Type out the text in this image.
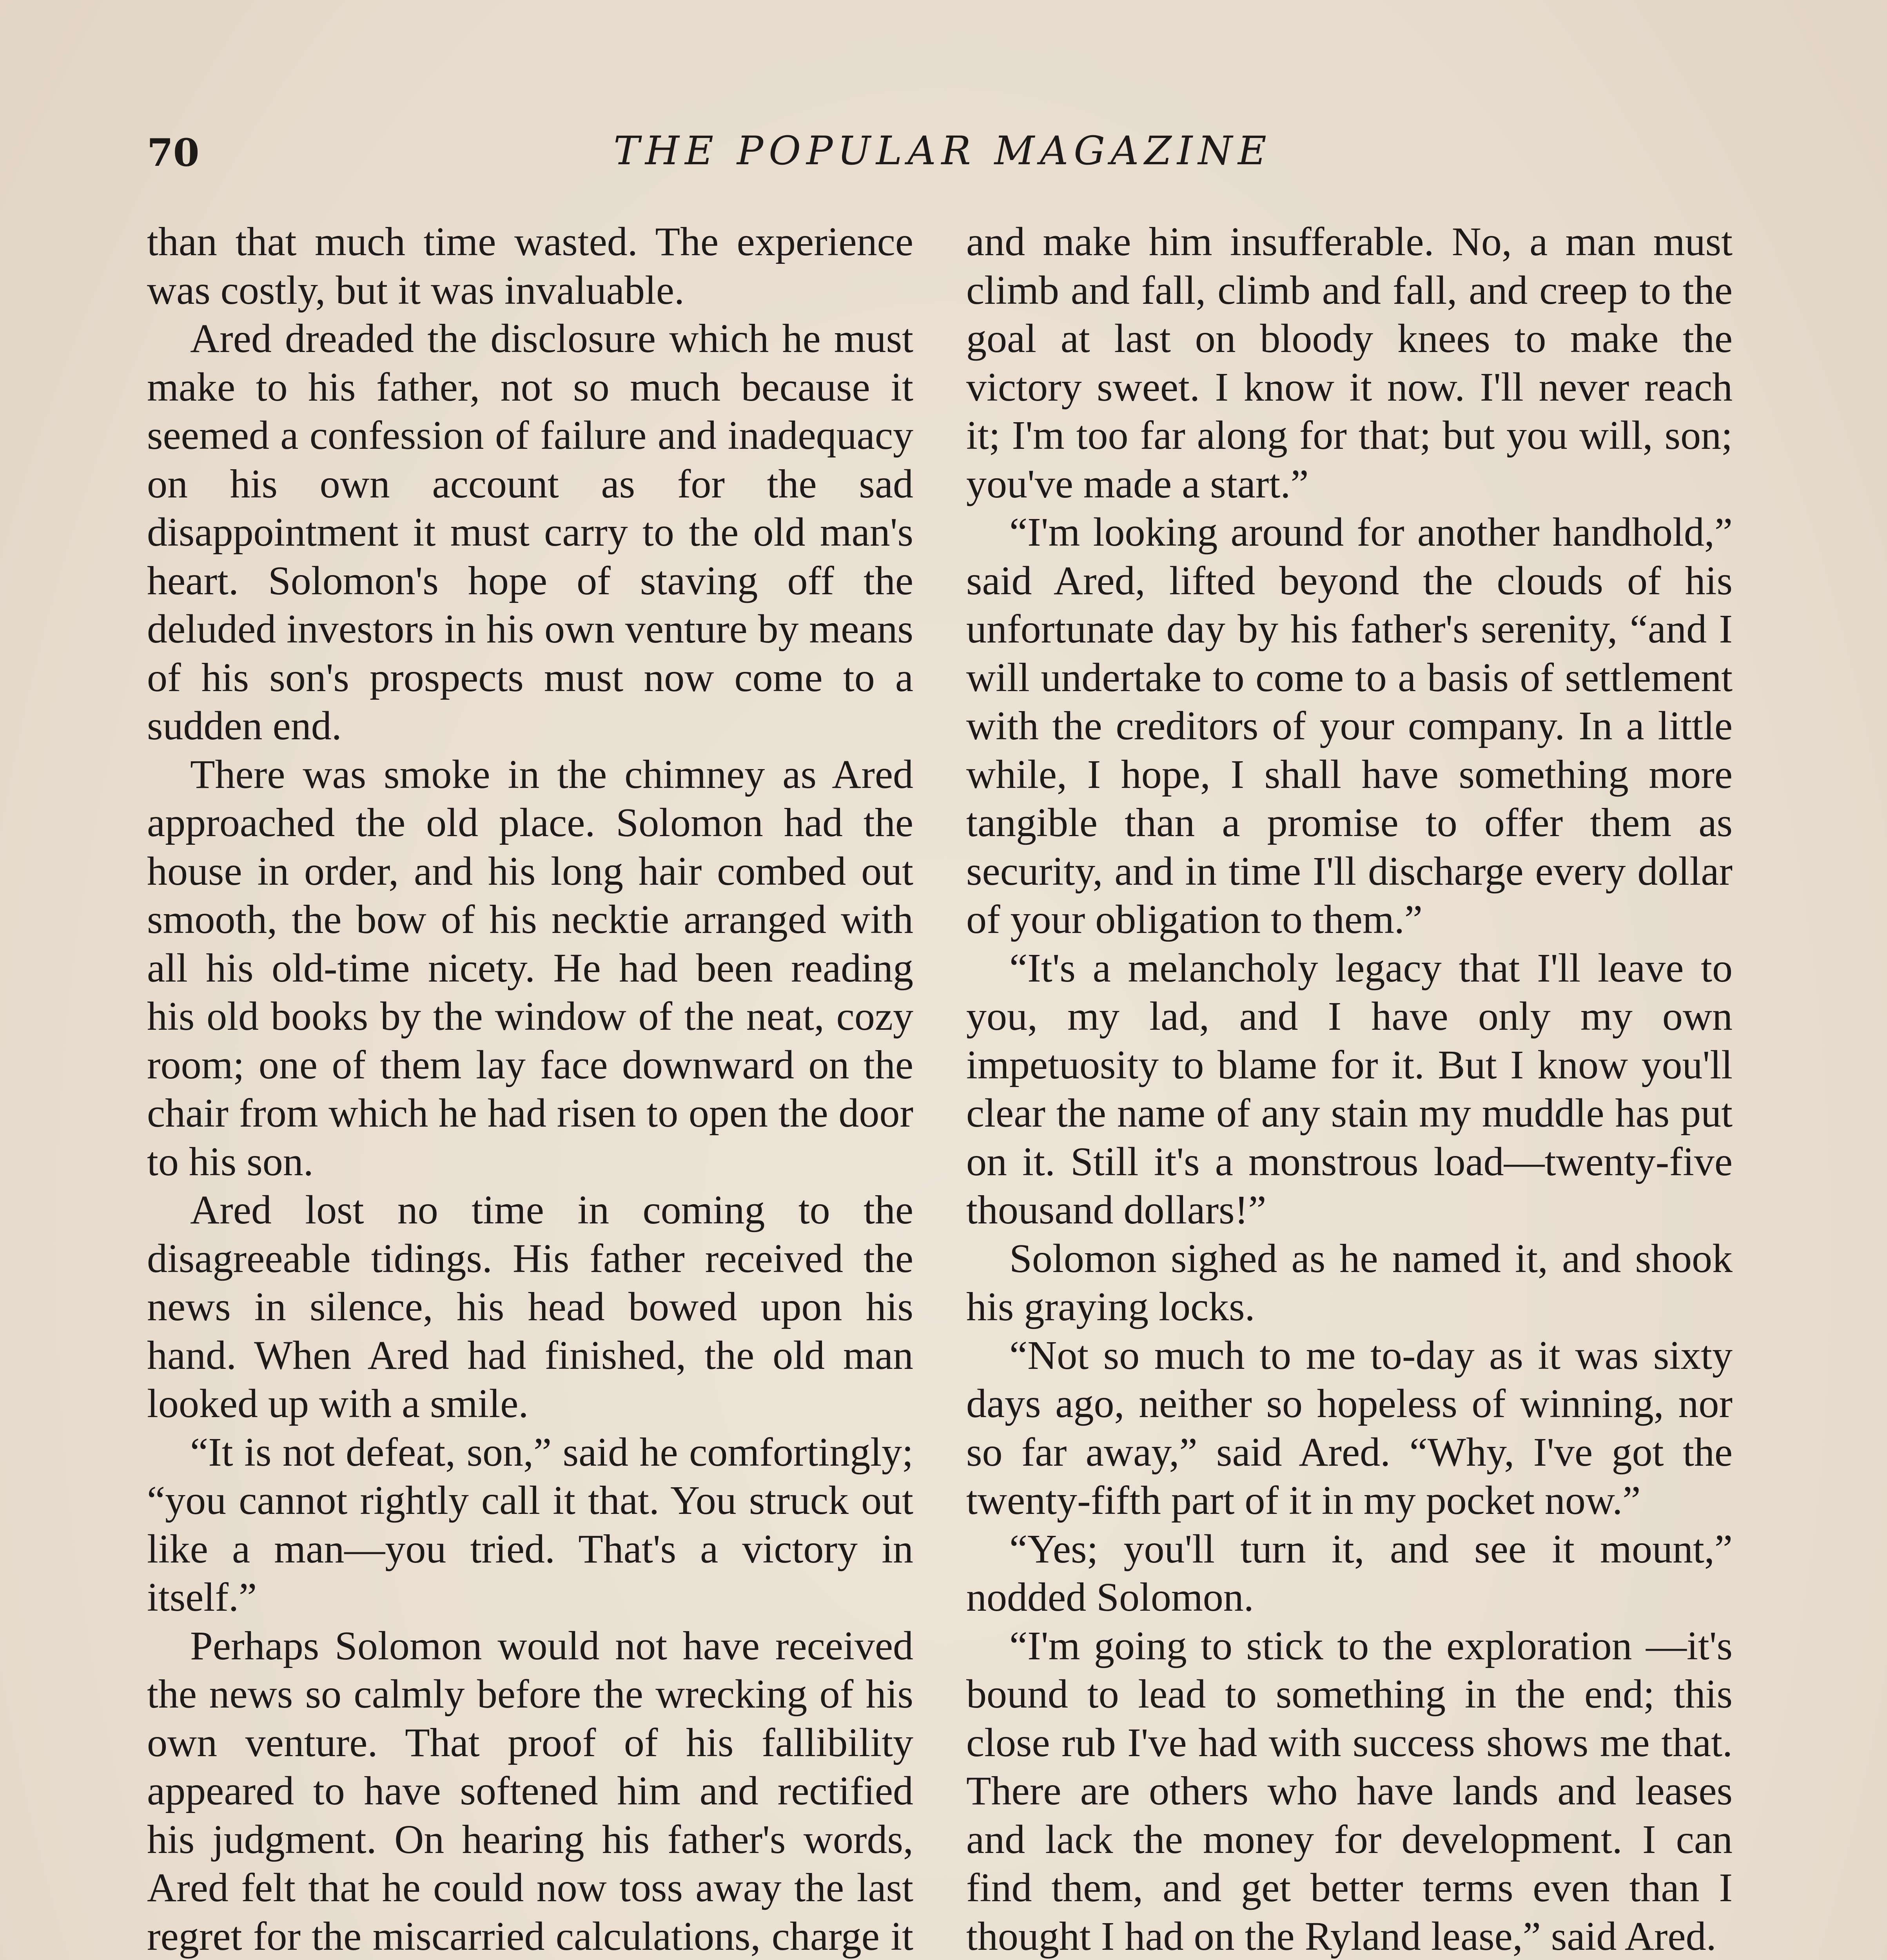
70	THE POPULAR MAGAZINE

than that much time wasted. The experience was costly, but it was invaluable.

Ared dreaded the disclosure which he must make to his father, not so much because it seemed a confession of failure and inadequacy on his own account as for the sad disappointment it must carry to the old man's heart. Solomon's hope of staving off the deluded investors in his own venture by means of his son's prospects must now come to a sudden end.

There was smoke in the chimney as Ared approached the old place. Solomon had the house in order, and his long hair combed out smooth, the bow of his necktie arranged with all his old-time nicety. He had been reading his old books by the window of the neat, cozy room; one of them lay face downward on the chair from which he had risen to open the door to his son.

Ared lost no time in coming to the disagreeable tidings. His father received the news in silence, his head bowed upon his hand. When Ared had finished, the old man looked up with a smile.

“It is not defeat, son,” said he comfortingly; “you cannot rightly call it that. You struck out like a man—you tried. That's a victory in itself.”

Perhaps Solomon would not have received the news so calmly before the wrecking of his own venture. That proof of his fallibility appeared to have softened him and rectified his judgment. On hearing his father's words, Ared felt that he could now toss away the last regret for the miscarried calculations, charge it

and make him insufferable. No, a man must climb and fall, climb and fall, and creep to the goal at last on bloody knees to make the victory sweet. I know it now. I'll never reach it; I'm too far along for that; but you will, son; you've made a start.”

“I'm looking around for another handhold,” said Ared, lifted beyond the clouds of his unfortunate day by his father's serenity, “and I will undertake to come to a basis of settlement with the creditors of your company. In a little while, I hope, I shall have something more tangible than a promise to offer them as security, and in time I'll discharge every dollar of your obligation to them.”

“It's a melancholy legacy that I'll leave to you, my lad, and I have only my own impetuosity to blame for it. But I know you'll clear the name of any stain my muddle has put on it. Still it's a monstrous load—twenty-five thousand dollars!”

Solomon sighed as he named it, and shook his graying locks.

“Not so much to me to-day as it was sixty days ago, neither so hopeless of winning, nor so far away,” said Ared. “Why, I've got the twenty-fifth part of it in my pocket now.”

“Yes; you'll turn it, and see it mount,” nodded Solomon.

“I'm going to stick to the exploration —it's bound to lead to something in the end; this close rub I've had with success shows me that. There are others who have lands and leases and lack the money for development. I can find them, and get better terms even than I thought I had on the Ryland lease,” said Ared.
